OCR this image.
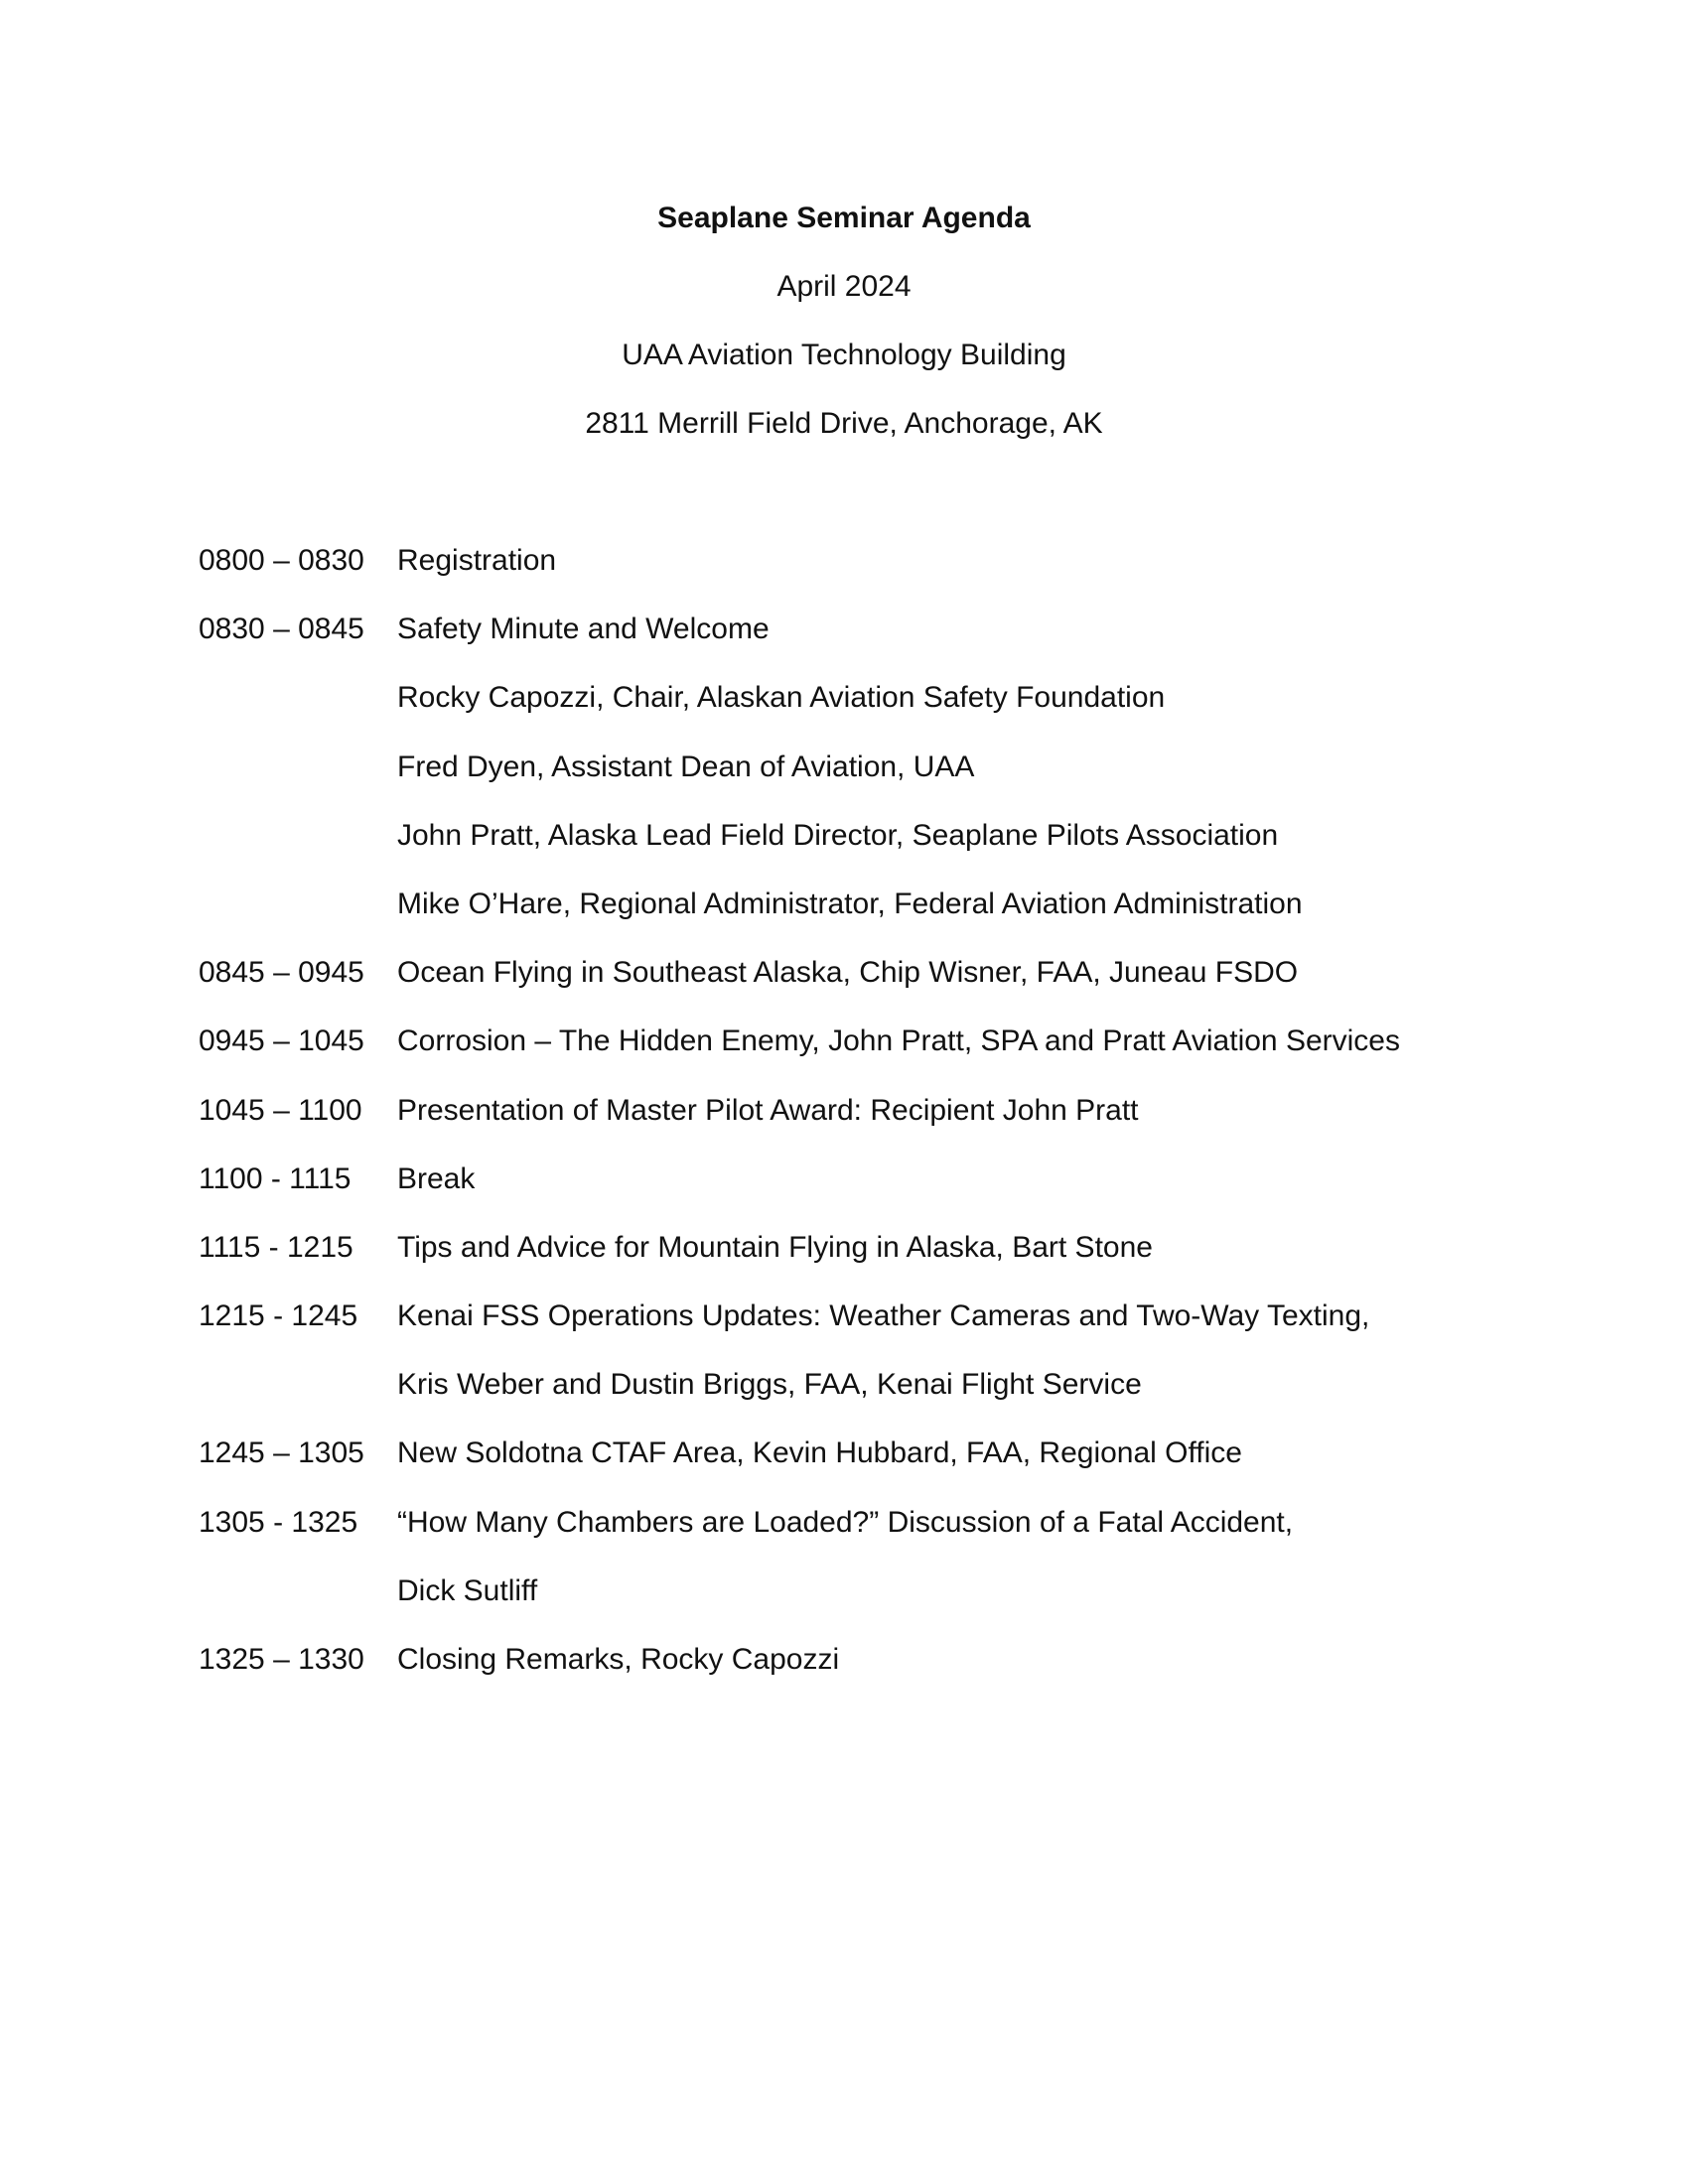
Seaplane Seminar Agenda
April 2024
UAA Aviation Technology Building
2811 Merrill Field Drive, Anchorage, AK
0800 – 0830 Registration
0830 – 0845 Safety Minute and Welcome
Rocky Capozzi, Chair, Alaskan Aviation Safety Foundation
Fred Dyen, Assistant Dean of Aviation, UAA
John Pratt, Alaska Lead Field Director, Seaplane Pilots Association
Mike O’Hare, Regional Administrator, Federal Aviation Administration
0845 – 0945 Ocean Flying in Southeast Alaska, Chip Wisner, FAA, Juneau FSDO
0945 – 1045 Corrosion – The Hidden Enemy, John Pratt, SPA and Pratt Aviation Services
1045 – 1100 Presentation of Master Pilot Award: Recipient John Pratt
1100 - 1115 Break
1115 - 1215 Tips and Advice for Mountain Flying in Alaska, Bart Stone
1215 - 1245 Kenai FSS Operations Updates: Weather Cameras and Two-Way Texting,
Kris Weber and Dustin Briggs, FAA, Kenai Flight Service
1245 – 1305 New Soldotna CTAF Area, Kevin Hubbard, FAA, Regional Office
1305 - 1325 “How Many Chambers are Loaded?” Discussion of a Fatal Accident,
Dick Sutliff
1325 – 1330 Closing Remarks, Rocky Capozzi
